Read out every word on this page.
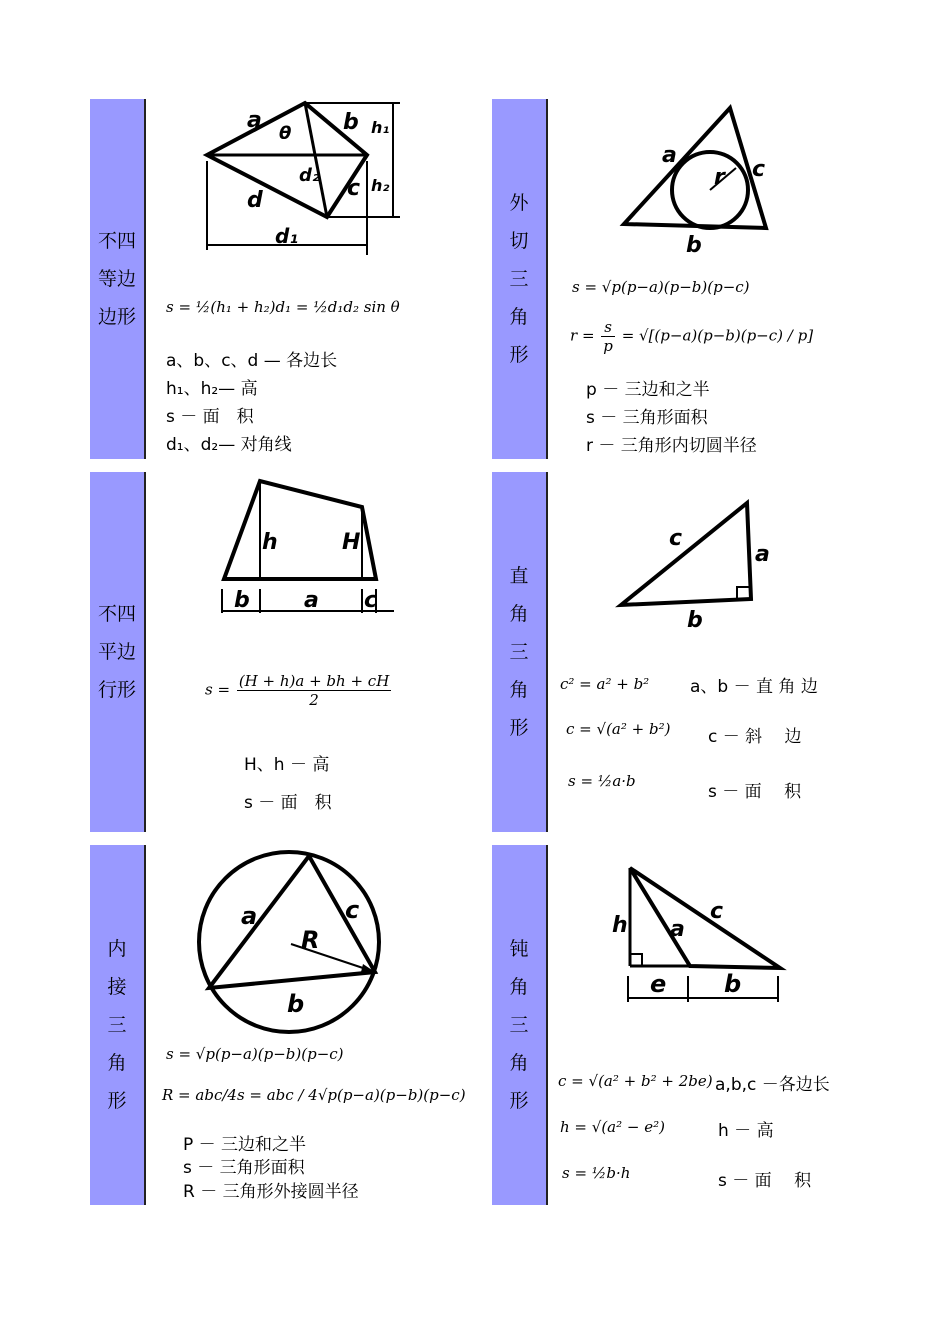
不四
等边
边形
a	b
c
d
d₁
d₂
h₁
h₂
θ
s = ½(h₁ + h₂)d₁ = ½d₁d₂ sin θ
a、b、c、d — 各边长
h₁、h₂— 高
s － 面　积
d₁、d₂— 对角线
外
切
三
角
形
a
b
c
r
s = √p(p−a)(p−b)(p−c)
$r = \frac{s}{p} = √[(p-a)(p-b)(p-c) / p]$
p － 三边和之半
s － 三角形面积
r － 三角形内切圆半径
不四
平边
行形
h	H
b a c
$s = \frac{(H + h)a + bh + cH}{2}$
H、h － 高
s － 面　积
直
角
三
角
形
a
b
c
c² = a² + b²
c = √(a² + b²)
s = ½a·b
a、b － 直 角 边
c － 斜　 边
s － 面　 积
内
接
三
角
形
a
b
c
R
s = √p(p−a)(p−b)(p−c)
R = abc/4s = abc / 4√p(p−a)(p−b)(p−c)
P － 三边和之半
s － 三角形面积
R － 三角形外接圆半径
钝
角
三
角
形
h a
c
e b
c = √(a² + b² + 2be)
h = √(a² − e²)
s = ½b·h
a,b,c －各边长
h － 高
s － 面　 积
